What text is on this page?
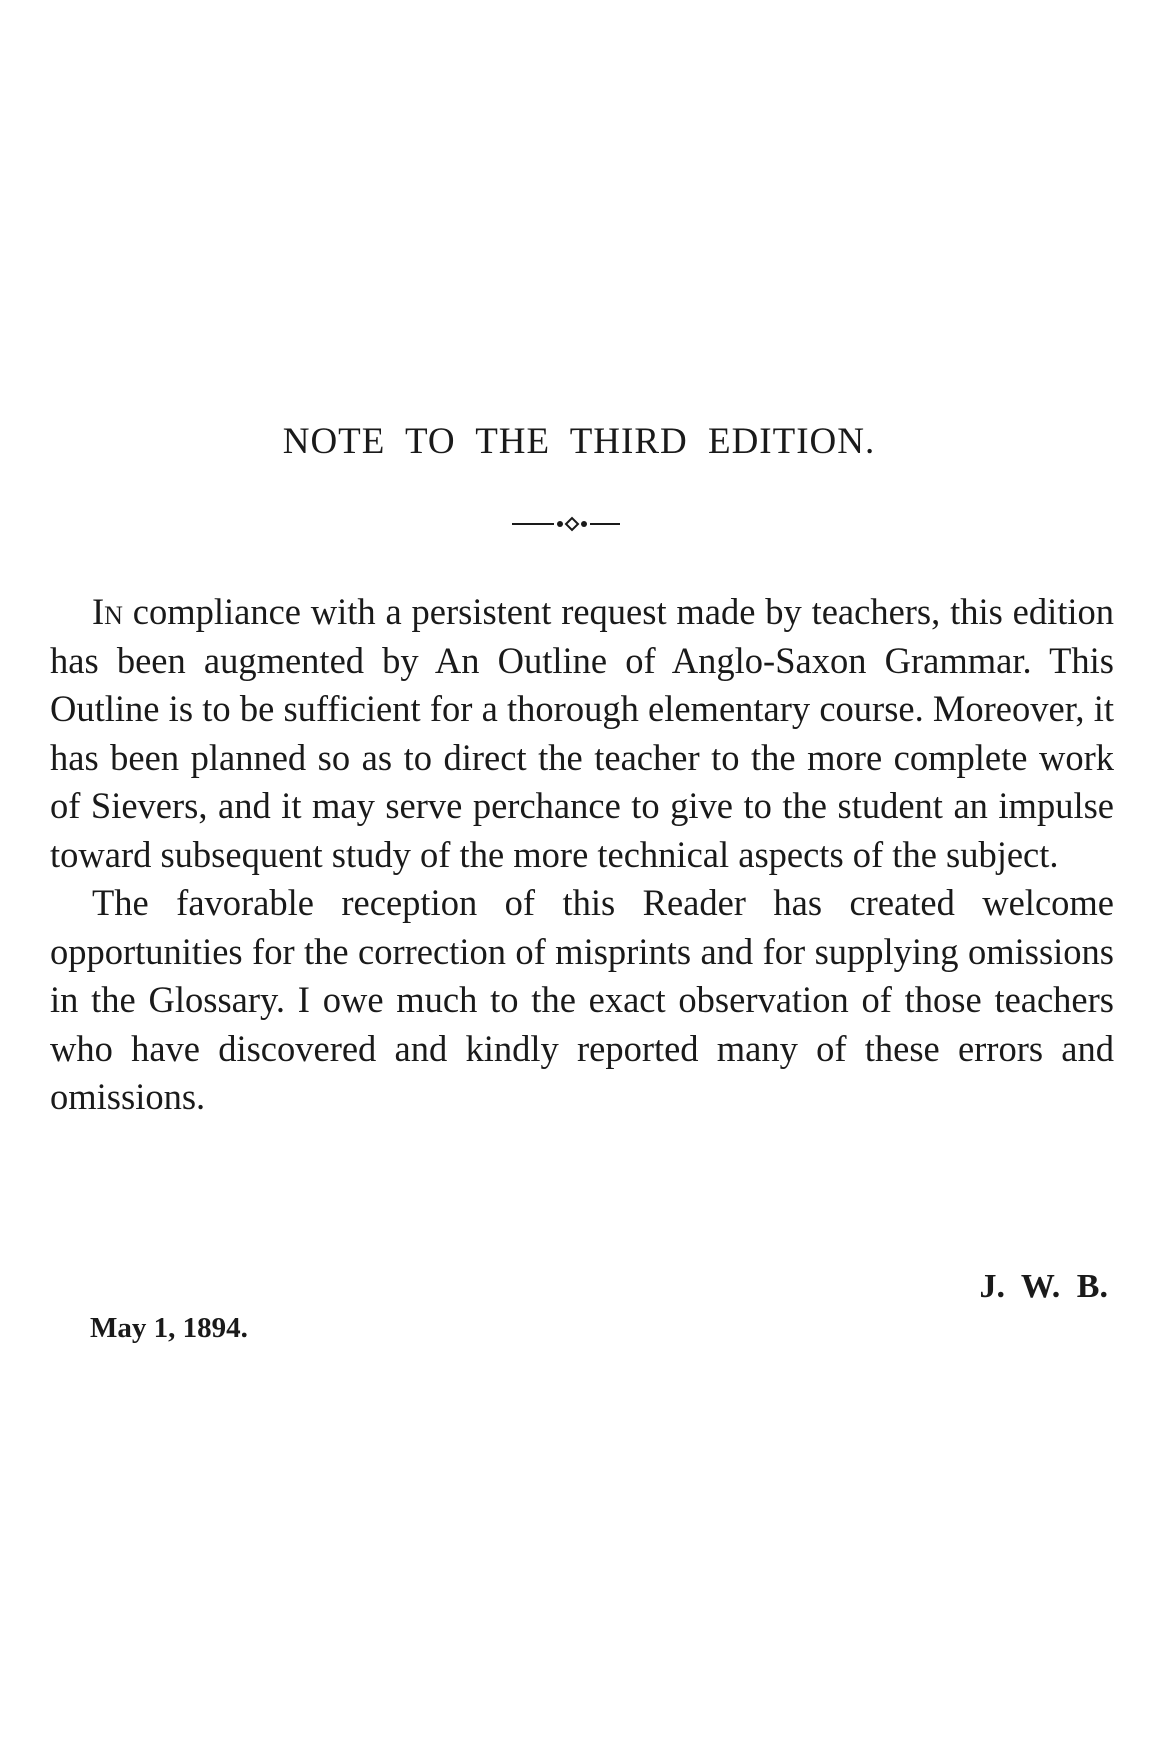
NOTE TO THE THIRD EDITION.

In compliance with a persistent request made by teachers, this edition has been augmented by An Outline of Anglo-Saxon Grammar. This Outline is to be sufficient for a thorough elementary course. Moreover, it has been planned so as to direct the teacher to the more complete work of Sievers, and it may serve perchance to give to the student an impulse toward subsequent study of the more technical aspects of the subject.

The favorable reception of this Reader has created welcome opportunities for the correction of misprints and for supplying omissions in the Glossary. I owe much to the exact observation of those teachers who have discovered and kindly reported many of these errors and omissions.

J. W. B.
May 1, 1894.
